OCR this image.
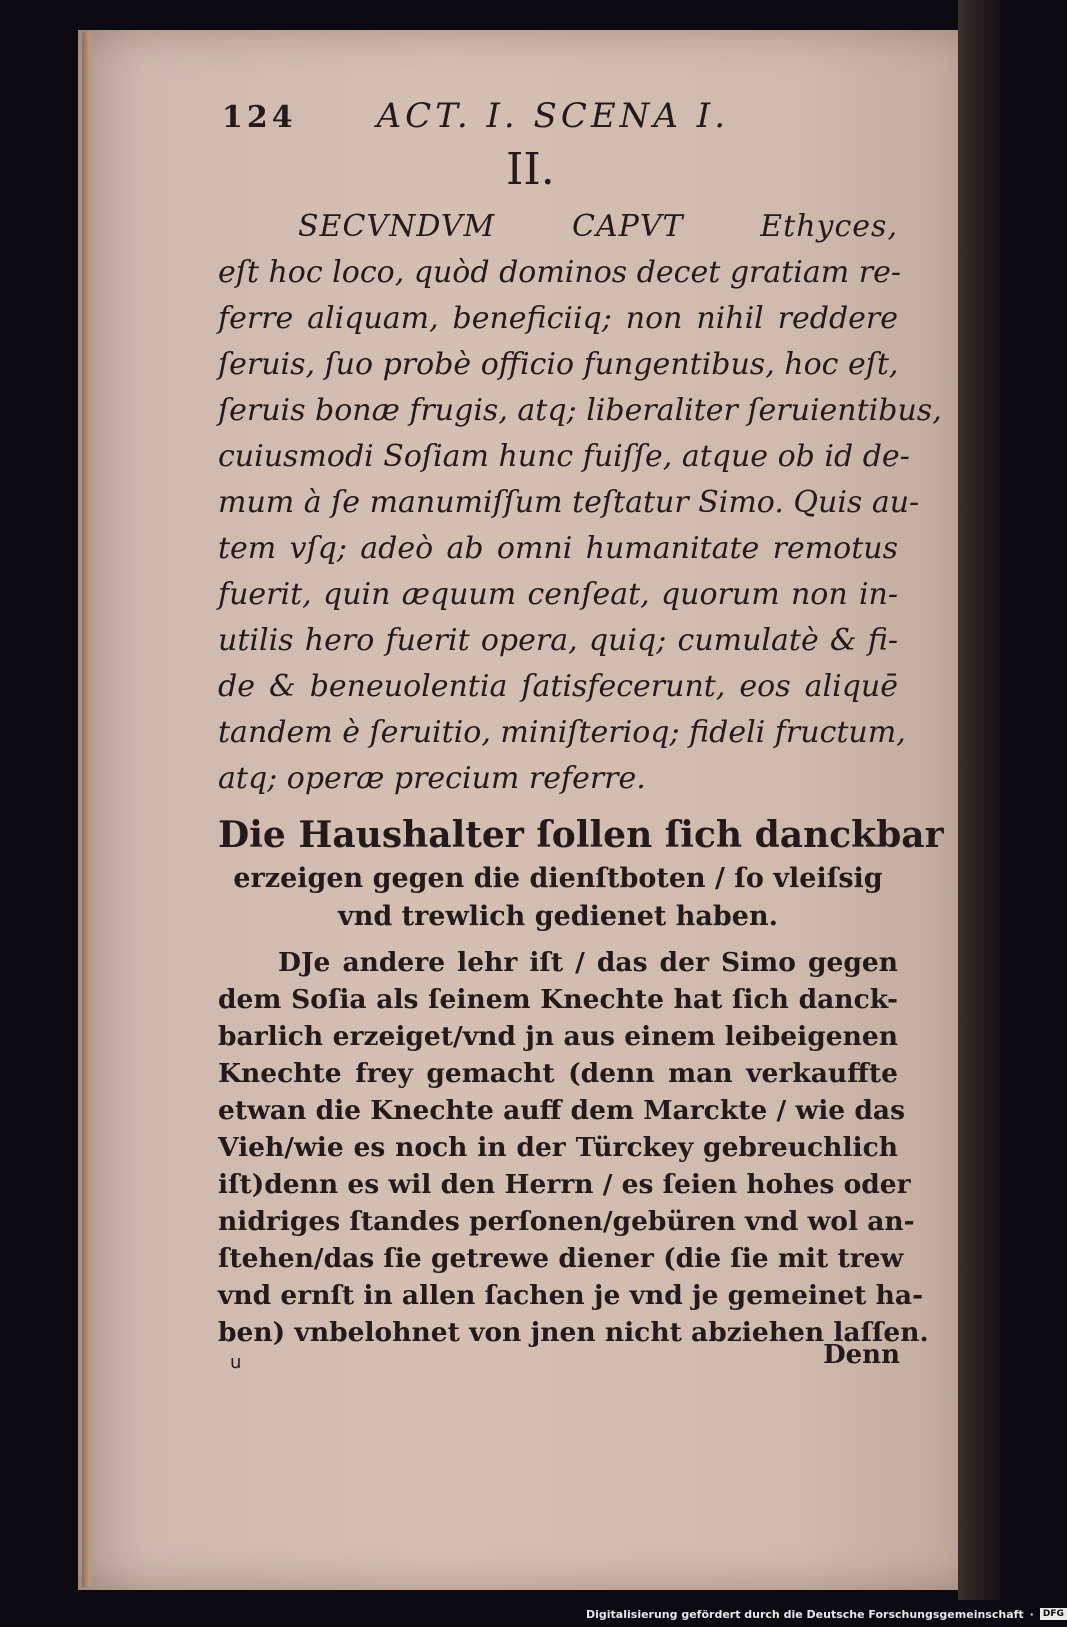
124 ACT. I. SCENA I.
II.
SECVNDVM CAPVT Ethyces,
eſt hoc loco, quòd dominos decet gratiam re-
ferre aliquam, beneficiiq; non nihil reddere
ſeruis, ſuo probè officio fungentibus, hoc eſt,
ſeruis bonæ frugis, atq; liberaliter ſeruientibus,
cuiusmodi Soſiam hunc fuiſſe, atque ob id de-
mum à ſe manumiſſum teſtatur Simo. Quis au-
tem vſq; adeò ab omni humanitate remotus
fuerit, quin æquum cenſeat, quorum non in-
utilis hero fuerit opera, quiq; cumulatè & fi-
de & beneuolentia ſatisfecerunt, eos aliquē
tandem è ſeruitio, miniſterioq; fideli fructum,
atq; operæ precium referre.
Die Haushalter ſollen ſich danckbar
erzeigen gegen die dienſtboten / ſo vleiſsig
vnd trewlich gedienet haben.
DJe andere lehr iſt / das der Simo gegen
dem Soſia als ſeinem Knechte hat ſich danck-
barlich erzeiget/vnd jn aus einem leibeigenen
Knechte frey gemacht (denn man verkauffte
etwan die Knechte auff dem Marckte / wie das
Vieh/wie es noch in der Türckey gebreuchlich
iſt)denn es wil den Herrn / es ſeien hohes oder
nidriges ſtandes perſonen/gebüren vnd wol an-
ſtehen/das ſie getrewe diener (die ſie mit trew
vnd ernſt in allen ſachen je vnd je gemeinet ha-
ben) vnbelohnet von jnen nicht abziehen laſſen.
u	Denn
Digitalisierung gefördert durch die Deutsche Forschungsgemeinschaft ·	DFG
